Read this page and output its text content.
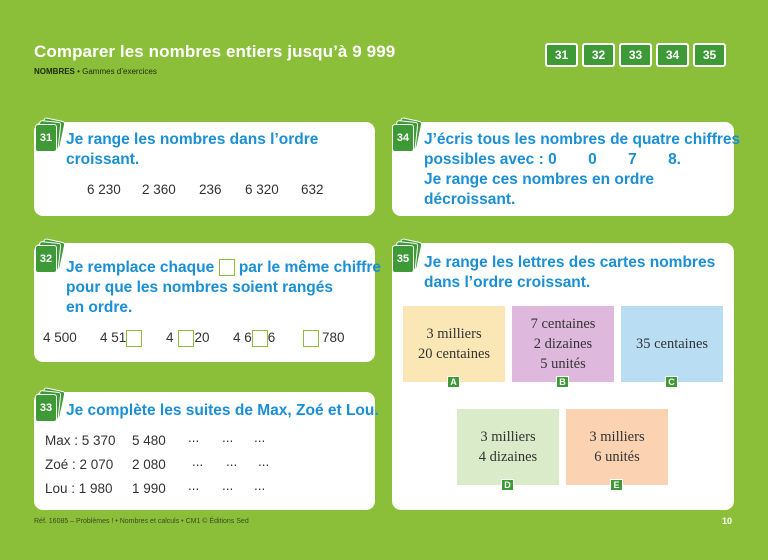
Comparer les nombres entiers jusqu’à 9 999
NOMBRES • Gammes d’exercices
31	32	33	34	35
31 Je range les nombres dans l’ordre
croissant.
6 230 2 360 236 6 320 632
32 Je remplace chaque par le même chiffre
pour que les nombres soient rangés
en ordre.
4 500 4 51	4 20 4 6 6	780
33 Je complète les suites de Max, Zoé et Lou.
Max : 5 370 5 480 ... ... ...
Zoé : 2 070 2 080 ... ... ...
Lou : 1 980 1 990 ... ... ...
34 J’écris tous les nombres de quatre chiffres
possibles avec : 0 0 7 8.
Je range ces nombres en ordre
décroissant.
35 Je range les lettres des cartes nombres
dans l’ordre croissant.
3 milliers
20 centaines
A
7 centaines
2 dizaines
5 unités
B
35 centaines
C
3 milliers
4 dizaines
D
3 milliers
6 unités
E
Réf. 16085 – Problèmes ! • Nombres et calculs • CM1 © Éditions Sed	10
